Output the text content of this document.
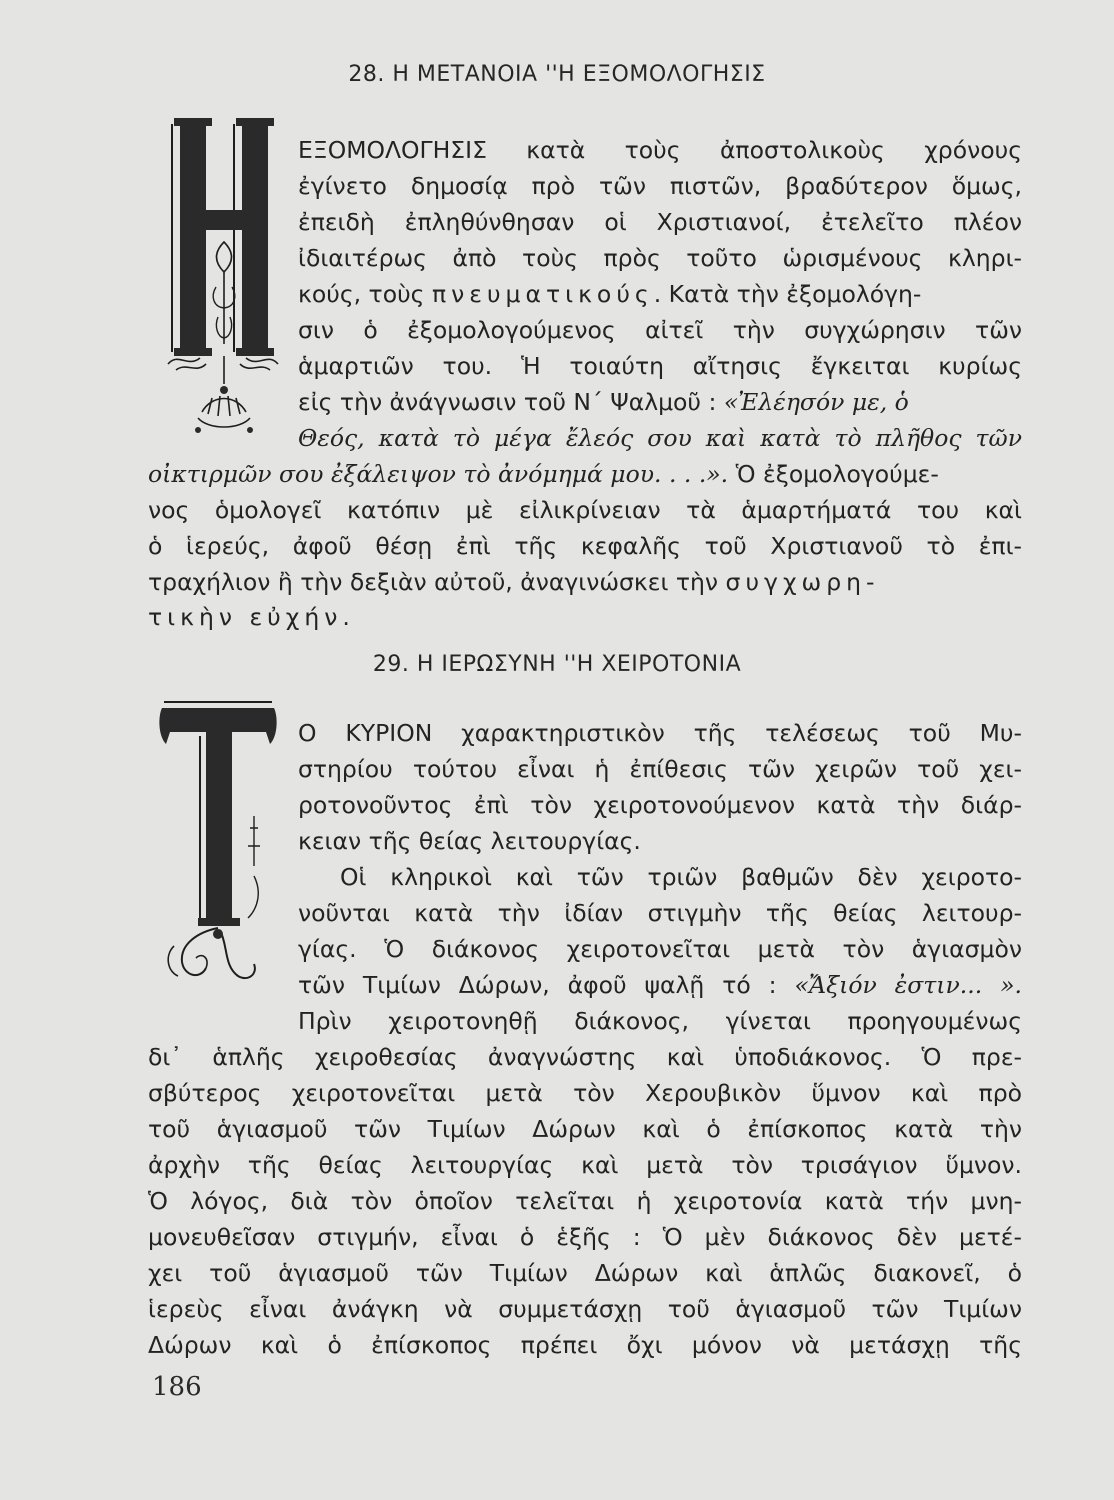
28. Η ΜΕΤΑΝΟΙΑ ''Η ΕΞΟΜΟΛΟΓΗΣΙΣ
ΕΞΟΜΟΛΟΓΗΣΙΣ κατὰ τοὺς ἀποστολικοὺς χρόνους
ἐγίνετο δημοσίᾳ πρὸ τῶν πιστῶν, βραδύτερον ὅμως,
ἐπειδὴ ἐπληθύνθησαν οἱ Χριστιανοί, ἐτελεῖτο πλέον
ἰδιαιτέρως ἀπὸ τοὺς πρὸς τοῦτο ὡρισμένους κληρι-
κούς, τοὺς πνευματικούς. Κατὰ τὴν ἐξομολόγη-
σιν ὁ ἐξομολογούμενος αἰτεῖ τὴν συγχώρησιν τῶν
ἁμαρτιῶν του. Ἡ τοιαύτη αἴτησις ἔγκειται κυρίως
εἰς τὴν ἀνάγνωσιν τοῦ Ν΄ Ψαλμοῦ : «Ἐλέησόν με, ὁ
Θεός, κατὰ τὸ μέγα ἔλεός σου καὶ κατὰ τὸ πλῆθος τῶν
οἰκτιρμῶν σου ἐξάλειψον τὸ ἀνόμημά μου. . . .». Ὁ ἐξομολογούμε-
νος ὁμολογεῖ κατόπιν μὲ εἰλικρίνειαν τὰ ἁμαρτήματά του καὶ
ὁ ἱερεύς, ἀφοῦ θέσῃ ἐπὶ τῆς κεφαλῆς τοῦ Χριστιανοῦ τὸ ἐπι-
τραχήλιον ἢ τὴν δεξιὰν αὐτοῦ, ἀναγινώσκει τὴν συγχωρη-
τικὴν εὐχήν.
29. Η ΙΕΡΩΣΥΝΗ ''Η ΧΕΙΡΟΤΟΝΙΑ
Ο ΚΥΡΙΟΝ χαρακτηριστικὸν τῆς τελέσεως τοῦ Μυ-
στηρίου τούτου εἶναι ἡ ἐπίθεσις τῶν χειρῶν τοῦ χει-
ροτονοῦντος ἐπὶ τὸν χειροτονούμενον κατὰ τὴν διάρ-
κειαν τῆς θείας λειτουργίας.
Οἱ κληρικοὶ καὶ τῶν τριῶν βαθμῶν δὲν χειροτο-
νοῦνται κατὰ τὴν ἰδίαν στιγμὴν τῆς θείας λειτουρ-
γίας. Ὁ διάκονος χειροτονεῖται μετὰ τὸν ἁγιασμὸν
τῶν Τιμίων Δώρων, ἀφοῦ ψαλῇ τό : «Ἄξιόν ἐστιν... ».
Πρὶν χειροτονηθῇ διάκονος, γίνεται προηγουμένως
δι᾿ ἁπλῆς χειροθεσίας ἀναγνώστης καὶ ὑποδιάκονος. Ὁ πρε-
σβύτερος χειροτονεῖται μετὰ τὸν Χερουβικὸν ὕμνον καὶ πρὸ
τοῦ ἁγιασμοῦ τῶν Τιμίων Δώρων καὶ ὁ ἐπίσκοπος κατὰ τὴν
ἀρχὴν τῆς θείας λειτουργίας καὶ μετὰ τὸν τρισάγιον ὕμνον.
Ὁ λόγος, διὰ τὸν ὁποῖον τελεῖται ἡ χειροτονία κατὰ τήν μνη-
μονευθεῖσαν στιγμήν, εἶναι ὁ ἑξῆς : Ὁ μὲν διάκονος δὲν μετέ-
χει τοῦ ἁγιασμοῦ τῶν Τιμίων Δώρων καὶ ἁπλῶς διακονεῖ, ὁ
ἱερεὺς εἶναι ἀνάγκη νὰ συμμετάσχῃ τοῦ ἁγιασμοῦ τῶν Τιμίων
Δώρων καὶ ὁ ἐπίσκοπος πρέπει ὄχι μόνον νὰ μετάσχῃ τῆς
186
